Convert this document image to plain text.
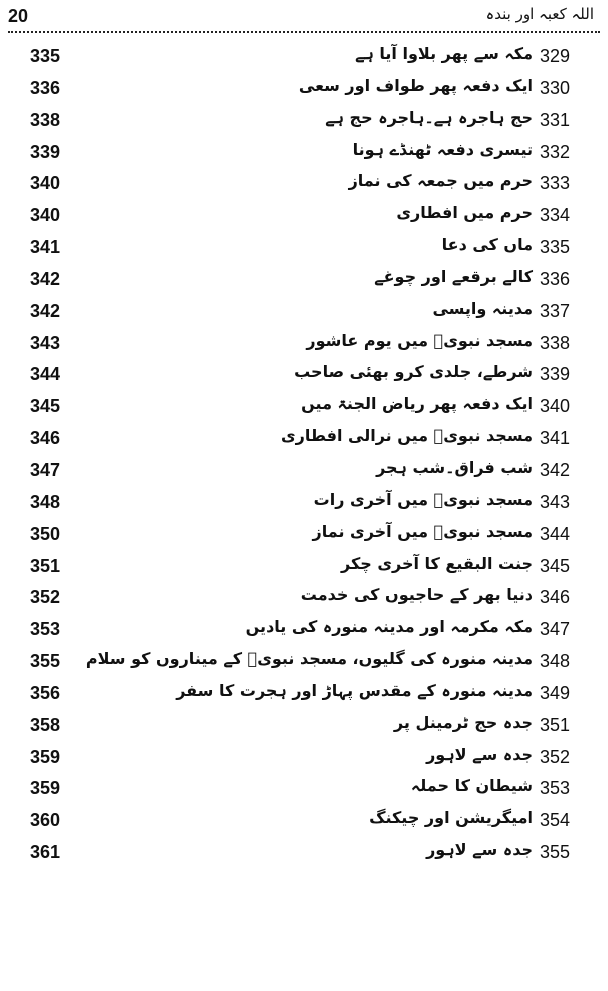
20	اللہ کعبہ اور بندہ
335	مکہ سے پھر بلاوا آیا ہے 329
336	ایک دفعہ پھر طواف اور سعی 330
338	حج ہاجرہ ہے۔ہاجرہ حج ہے 331
339	تیسری دفعہ ٹھنڈے ہونا 332
340	حرم میں جمعہ کی نماز 333
340	حرم میں افطاری 334
341	ماں کی دعا 335
342	کالے برقعے اور چوغے 336
342	مدینہ واپسی 337
343	مسجد نبویؐ میں یوم عاشور 338
344	شرطے، جلدی کرو بھئی صاحب 339
345	ایک دفعہ پھر ریاض الجنۃ میں 340
346	مسجد نبویؐ میں نرالی افطاری 341
347	شب فراق۔شب ہجر 342
348	مسجد نبویؐ میں آخری رات 343
350	مسجد نبویؐ میں آخری نماز 344
351	جنت البقیع کا آخری چکر 345
352	دنیا بھر کے حاجیوں کی خدمت 346
353	مکہ مکرمہ اور مدینہ منورہ کی یادیں 347
355 مدینہ منورہ کی گلیوں، مسجد نبویؐ کے میناروں کو سلام 348
356	مدینہ منورہ کے مقدس پہاڑ اور ہجرت کا سفر 349
358	جدہ حج ٹرمینل پر 351
359	جدہ سے لاہور 352
359	شیطان کا حملہ 353
360	امیگریشن اور چیکنگ 354
361	جدہ سے لاہور 355
